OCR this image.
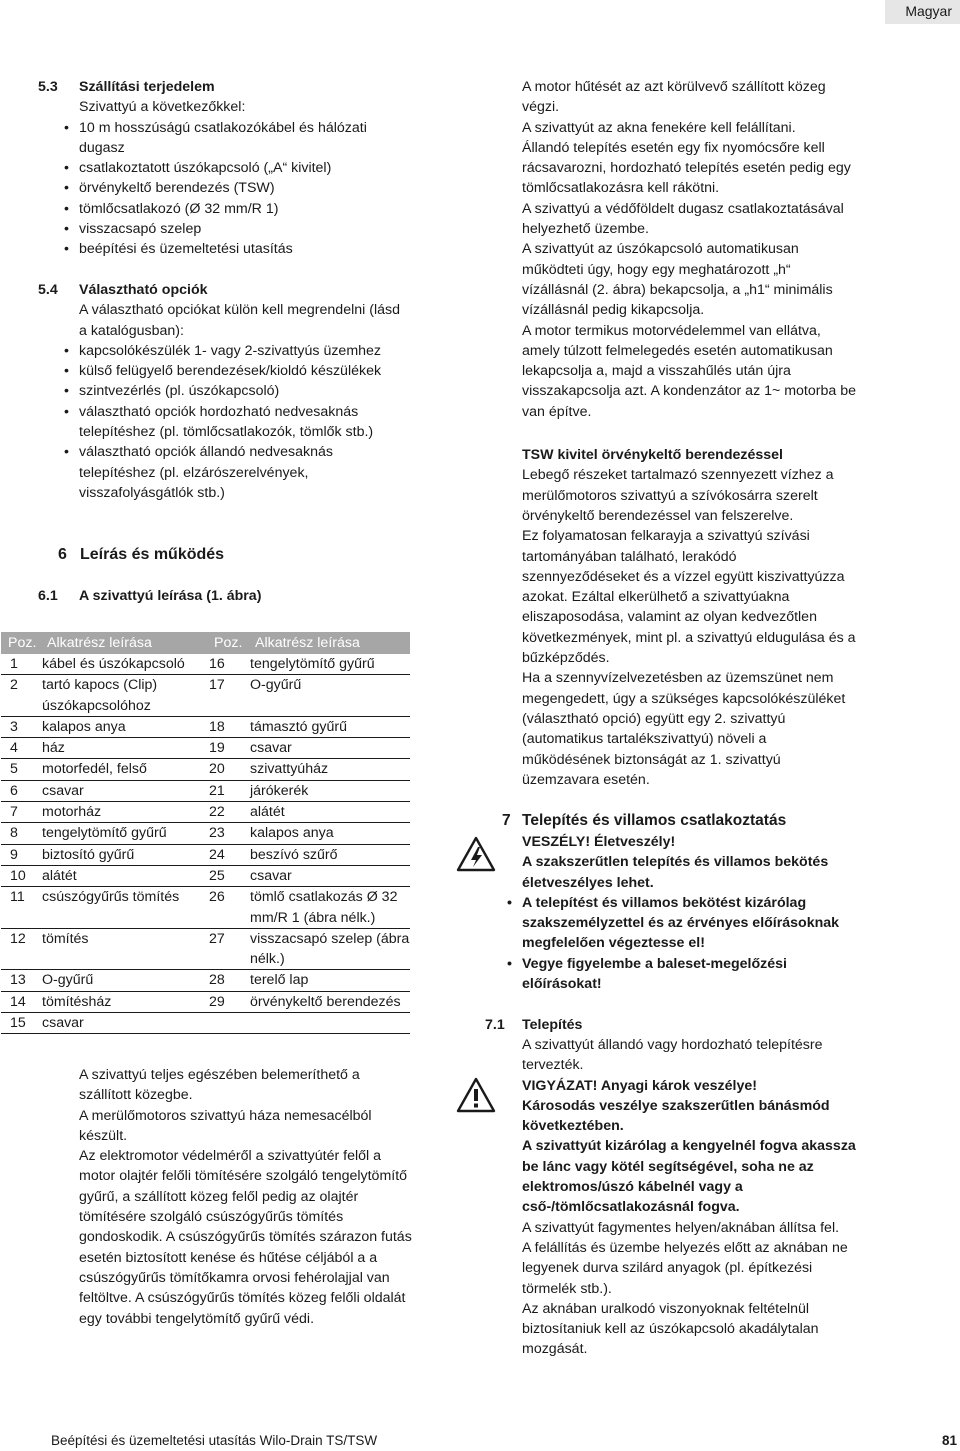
Magyar
5.3 Szállítási terjedelem

Szivattyú a következőkkel:

• 10 m hosszúságú csatlakozókábel és hálózati dugasz
• csatlakoztatott úszókapcsoló („A“ kivitel)
• örvénykeltő berendezés (TSW)
• tömlőcsatlakozó (Ø 32 mm/R 1)
• visszacsapó szelep
• beépítési és üzemeltetési utasítás
5.4 Választható opciók

A választható opciókat külön kell megrendelni (lásd a katalógusban):

• kapcsolókészülék 1- vagy 2-szivattyús üzemhez
• külső felügyelő berendezések/kioldó készülékek
• szintvezérlés (pl. úszókapcsoló)
• választható opciók hordozható nedvesaknás telepítéshez (pl. tömlőcsatlakozók, tömlők stb.)
• választható opciók állandó nedvesaknás telepítéshez (pl. elzárószerelvények, visszafolyásgátlók stb.)
6 Leírás és működés
6.1 A szivattyú leírása (1. ábra)
Poz.	Alkatrész leírása	Poz.	Alkatrész leírása
1	kábel és úszókapcsoló	16	tengelytömítő gyűrű
2	tartó kapocs (Clip) úszókapcsolóhoz	17	O-gyűrű
3	kalapos anya	18	támasztó gyűrű
4	ház	19	csavar
5	motorfedél, felső	20	szivattyúház
6	csavar	21	járókerék
7	motorház	22	alátét
8	tengelytömítő gyűrű	23	kalapos anya
9	biztosító gyűrű	24	beszívó szűrő
10	alátét	25	csavar
11	csúszógyűrűs tömítés	26	tömlő csatlakozás Ø 32 mm/R 1 (ábra nélk.)
12	tömítés	27	visszacsapó szelep (ábra nélk.)
13	O-gyűrű	28	terelő lap
14	tömítésház	29	örvénykeltő berendezés
15	csavar		

A szivattyú teljes egészében belemeríthető a szállított közegbe.

A merülőmotoros szivattyú háza nemesacélból készült.

Az elektromotor védelméről a szivattyútér felől a motor olajtér felőli tömítésére szolgáló tengelytömítő gyűrű, a szállított közeg felől pedig az olajtér tömítésére szolgáló csúszógyűrűs tömítés gondoskodik. A csúszógyűrűs tömítés szárazon futás esetén biztosított kenése és hűtése céljából a a csúszógyűrűs tömítőkamra orvosi fehérolajjal van feltöltve. A csúszógyűrűs tömítés közeg felőli oldalát egy további tengelytömítő gyűrű védi.

A motor hűtését az azt körülvevő szállított közeg végzi.

A szivattyút az akna fenekére kell felállítani.

Állandó telepítés esetén egy fix nyomócsőre kell rácsavarozni, hordozható telepítés esetén pedig egy tömlőcsatlakozásra kell rákötni.

A szivattyú a védőföldelt dugasz csatlakoztatásával helyezhető üzembe.

A szivattyút az úszókapcsoló automatikusan működteti úgy, hogy egy meghatározott „h“ vízállásnál (2. ábra) bekapcsolja, a „h1“ minimális vízállásnál pedig kikapcsolja.

A motor termikus motorvédelemmel van ellátva, amely túlzott felmelegedés esetén automatikusan lekapcsolja a, majd a visszahűlés után újra visszakapcsolja azt. A kondenzátor az 1~ motorba be van építve.

TSW kivitel örvénykeltő berendezéssel

Lebegő részeket tartalmazó szennyezett vízhez a merülőmotoros szivattyú a szívókosárra szerelt örvénykeltő berendezéssel van felszerelve.

Ez folyamatosan felkarayja a szivattyú szívási tartományában található, lerakódó szennyeződéseket és a vízzel együtt kiszivattyúzza azokat. Ezáltal elkerülhető a szivattyúakna eliszaposodása, valamint az olyan kedvezőtlen következmények, mint pl. a szivattyú eldugulása és a bűzképződés.

Ha a szennyvízelvezetésben az üzemszünet nem megengedett, úgy a szükséges kapcsolókészüléket (választható opció) együtt egy 2. szivattyú (automatikus tartalékszivattyú) növeli a működésének biztonságát az 1. szivattyú üzemzavara esetén.

7 Telepítés és villamos csatlakoztatás

VESZÉLY! Életveszély!

A szakszerűtlen telepítés és villamos bekötés életveszélyes lehet.

• A telepítést és villamos bekötést kizárólag szakszemélyzettel és az érvényes előírásoknak megfelelően végeztesse el!
• Vegye figyelembe a baleset-megelőzési előírásokat!
7.1 Telepítés

A szivattyút állandó vagy hordozható telepítésre tervezték.

VIGYÁZAT! Anyagi károk veszélye!

Károsodás veszélye szakszerűtlen bánásmód következtében.

A szivattyút kizárólag a kengyelnél fogva akassza be lánc vagy kötél segítségével, soha ne az elektromos/úszó kábelnél vagy a cső-/tömlőcsatlakozásnál fogva.

A szivattyút fagymentes helyen/aknában állítsa fel.

A felállítás és üzembe helyezés előtt az aknában ne legyenek durva szilárd anyagok (pl. építkezési törmelék stb.).

Az aknában uralkodó viszonyoknak feltételnül biztosítaniuk kell az úszókapcsoló akadálytalan mozgását.

Beépítési és üzemeltetési utasítás Wilo-Drain TS/TSW	81
